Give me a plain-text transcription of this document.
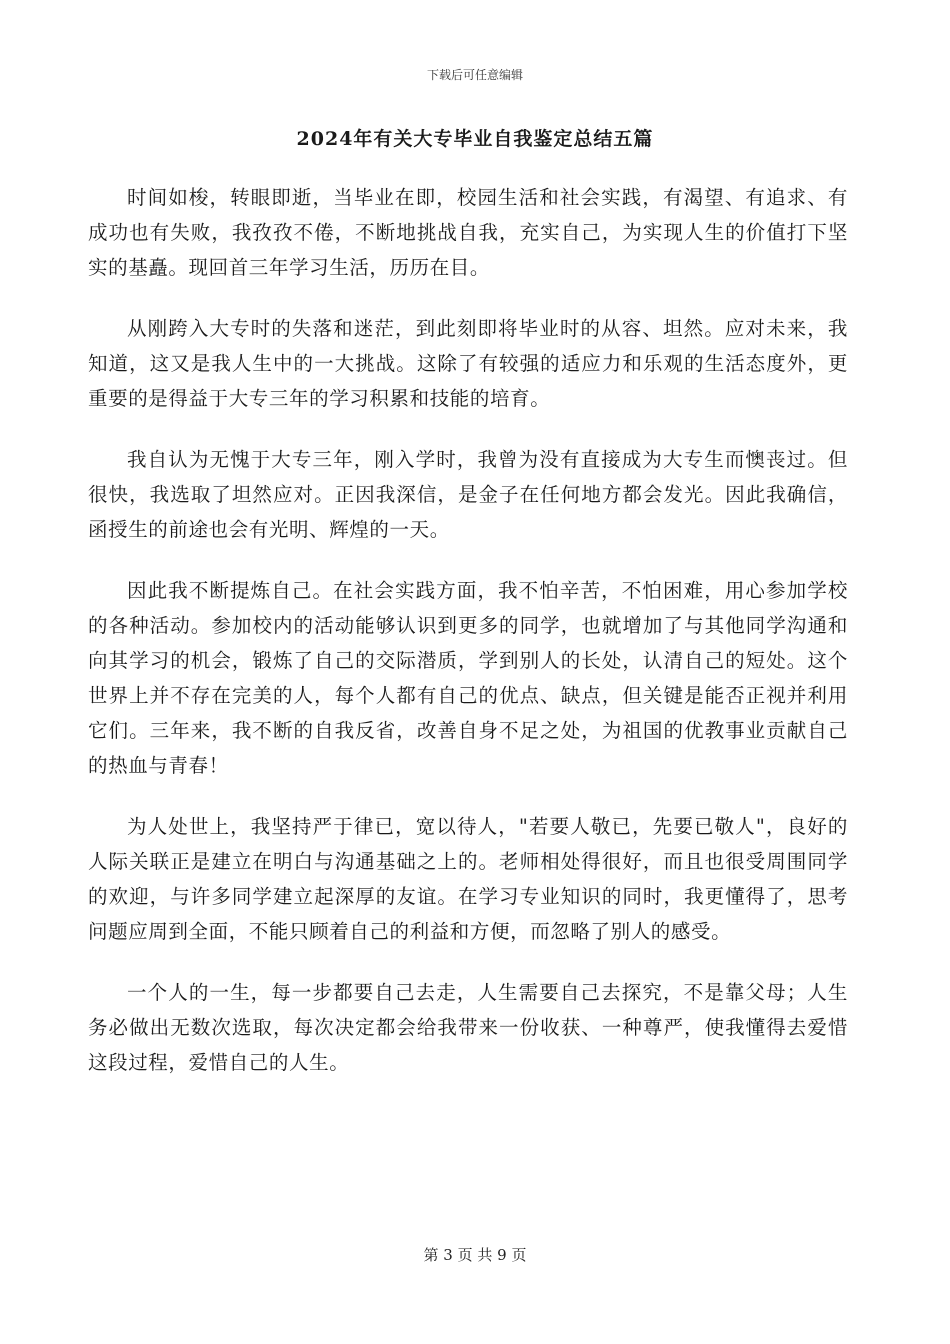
下载后可任意编辑
2024年有关大专毕业自我鉴定总结五篇

时间如梭，转眼即逝，当毕业在即，校园生活和社会实践，有渴望、有追求、有成功也有失败，我孜孜不倦，不断地挑战自我，充实自己，为实现人生的价值打下坚实的基矗。现回首三年学习生活，历历在目。

从刚跨入大专时的失落和迷茫，到此刻即将毕业时的从容、坦然。应对未来，我知道，这又是我人生中的一大挑战。这除了有较强的适应力和乐观的生活态度外，更重要的是得益于大专三年的学习积累和技能的培育。

我自认为无愧于大专三年，刚入学时，我曾为没有直接成为大专生而懊丧过。但很快，我选取了坦然应对。正因我深信，是金子在任何地方都会发光。因此我确信，函授生的前途也会有光明、辉煌的一天。

因此我不断提炼自己。在社会实践方面，我不怕辛苦，不怕困难，用心参加学校的各种活动。参加校内的活动能够认识到更多的同学，也就增加了与其他同学沟通和向其学习的机会，锻炼了自己的交际潜质，学到别人的长处，认清自己的短处。这个世界上并不存在完美的人，每个人都有自己的优点、缺点，但关键是能否正视并利用它们。三年来，我不断的自我反省，改善自身不足之处，为祖国的优教事业贡献自己的热血与青春！

为人处世上，我坚持严于律已，宽以待人，"若要人敬已，先要已敬人"，良好的人际关联正是建立在明白与沟通基础之上的。老师相处得很好，而且也很受周围同学的欢迎，与许多同学建立起深厚的友谊。在学习专业知识的同时，我更懂得了，思考问题应周到全面，不能只顾着自己的利益和方便，而忽略了别人的感受。

一个人的一生，每一步都要自己去走，人生需要自己去探究，不是靠父母；人生务必做出无数次选取，每次决定都会给我带来一份收获、一种尊严，使我懂得去爱惜这段过程，爱惜自己的人生。

第 3 页 共 9 页
